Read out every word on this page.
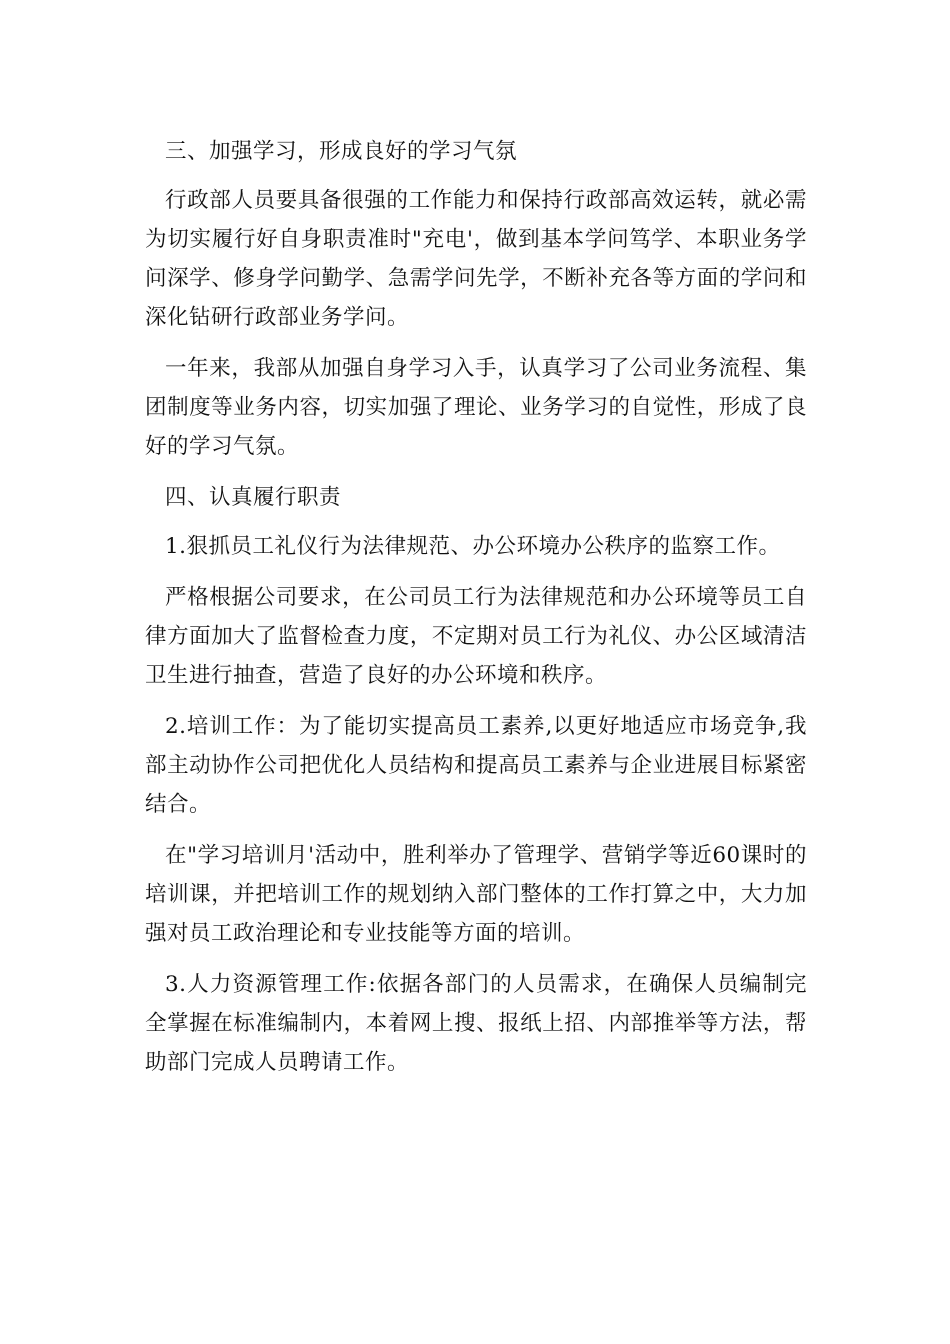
三、加强学习，形成良好的学习气氛

行政部人员要具备很强的工作能力和保持行政部高效运转，就必需为切实履行好自身职责准时"充电'，做到基本学问笃学、本职业务学问深学、修身学问勤学、急需学问先学，不断补充各等方面的学问和深化钻研行政部业务学问。

一年来，我部从加强自身学习入手，认真学习了公司业务流程、集团制度等业务内容，切实加强了理论、业务学习的自觉性，形成了良好的学习气氛。

四、认真履行职责

1.狠抓员工礼仪行为法律规范、办公环境办公秩序的监察工作。

严格根据公司要求，在公司员工行为法律规范和办公环境等员工自律方面加大了监督检查力度，不定期对员工行为礼仪、办公区域清洁卫生进行抽查，营造了良好的办公环境和秩序。

2.培训工作：为了能切实提高员工素养,以更好地适应市场竞争,我部主动协作公司把优化人员结构和提高员工素养与企业进展目标紧密结合。

在"学习培训月'活动中，胜利举办了管理学、营销学等近60课时的培训课，并把培训工作的规划纳入部门整体的工作打算之中，大力加强对员工政治理论和专业技能等方面的培训。

3.人力资源管理工作:依据各部门的人员需求，在确保人员编制完全掌握在标准编制内，本着网上搜、报纸上招、内部推举等方法，帮助部门完成人员聘请工作。
